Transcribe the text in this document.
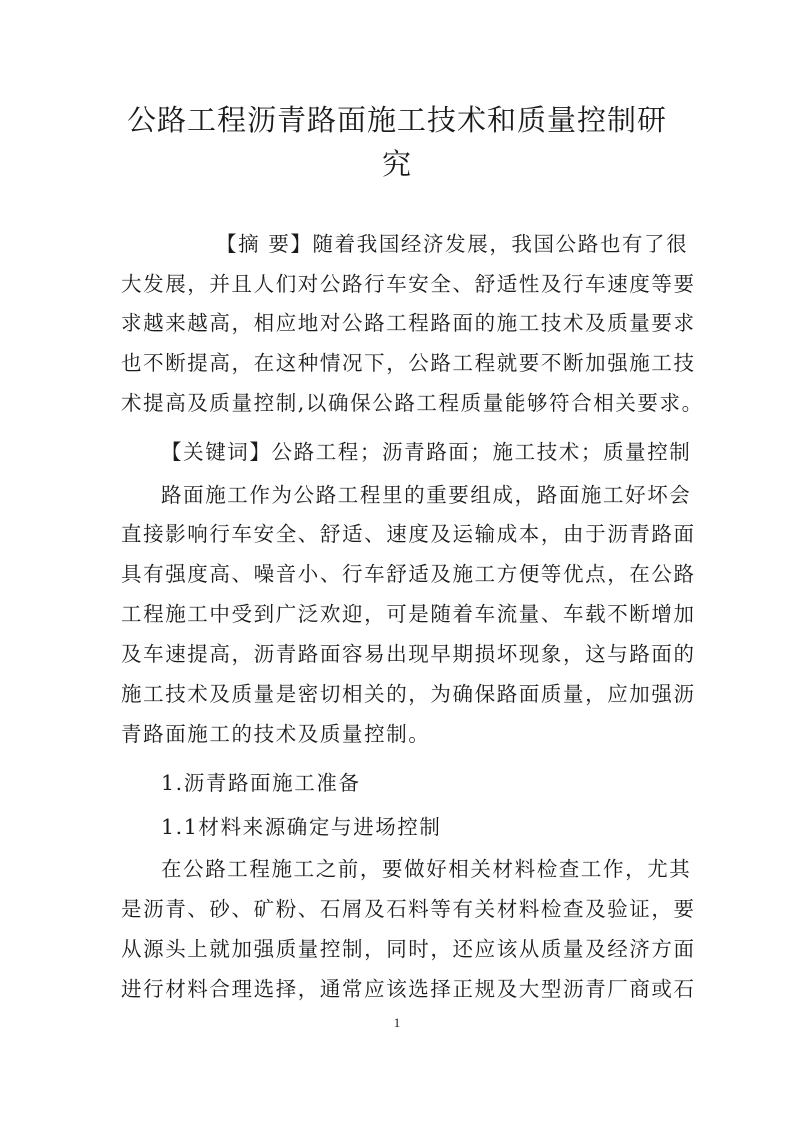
公路工程沥青路面施工技术和质量控制研
究

【摘 要】随着我国经济发展，我国公路也有了很

大发展，并且人们对公路行车安全、舒适性及行车速度等要

求越来越高，相应地对公路工程路面的施工技术及质量要求

也不断提高，在这种情况下，公路工程就要不断加强施工技

术提高及质量控制,以确保公路工程质量能够符合相关要求。

【关键词】公路工程；沥青路面；施工技术；质量控制

路面施工作为公路工程里的重要组成，路面施工好坏会

直接影响行车安全、舒适、速度及运输成本，由于沥青路面

具有强度高、噪音小、行车舒适及施工方便等优点，在公路

工程施工中受到广泛欢迎，可是随着车流量、车载不断增加

及车速提高，沥青路面容易出现早期损坏现象，这与路面的

施工技术及质量是密切相关的，为确保路面质量，应加强沥

青路面施工的技术及质量控制。

1.沥青路面施工准备

1.1材料来源确定与进场控制

在公路工程施工之前，要做好相关材料检查工作，尤其

是沥青、砂、矿粉、石屑及石料等有关材料检查及验证，要

从源头上就加强质量控制，同时，还应该从质量及经济方面

进行材料合理选择，通常应该选择正规及大型沥青厂商或石

1
